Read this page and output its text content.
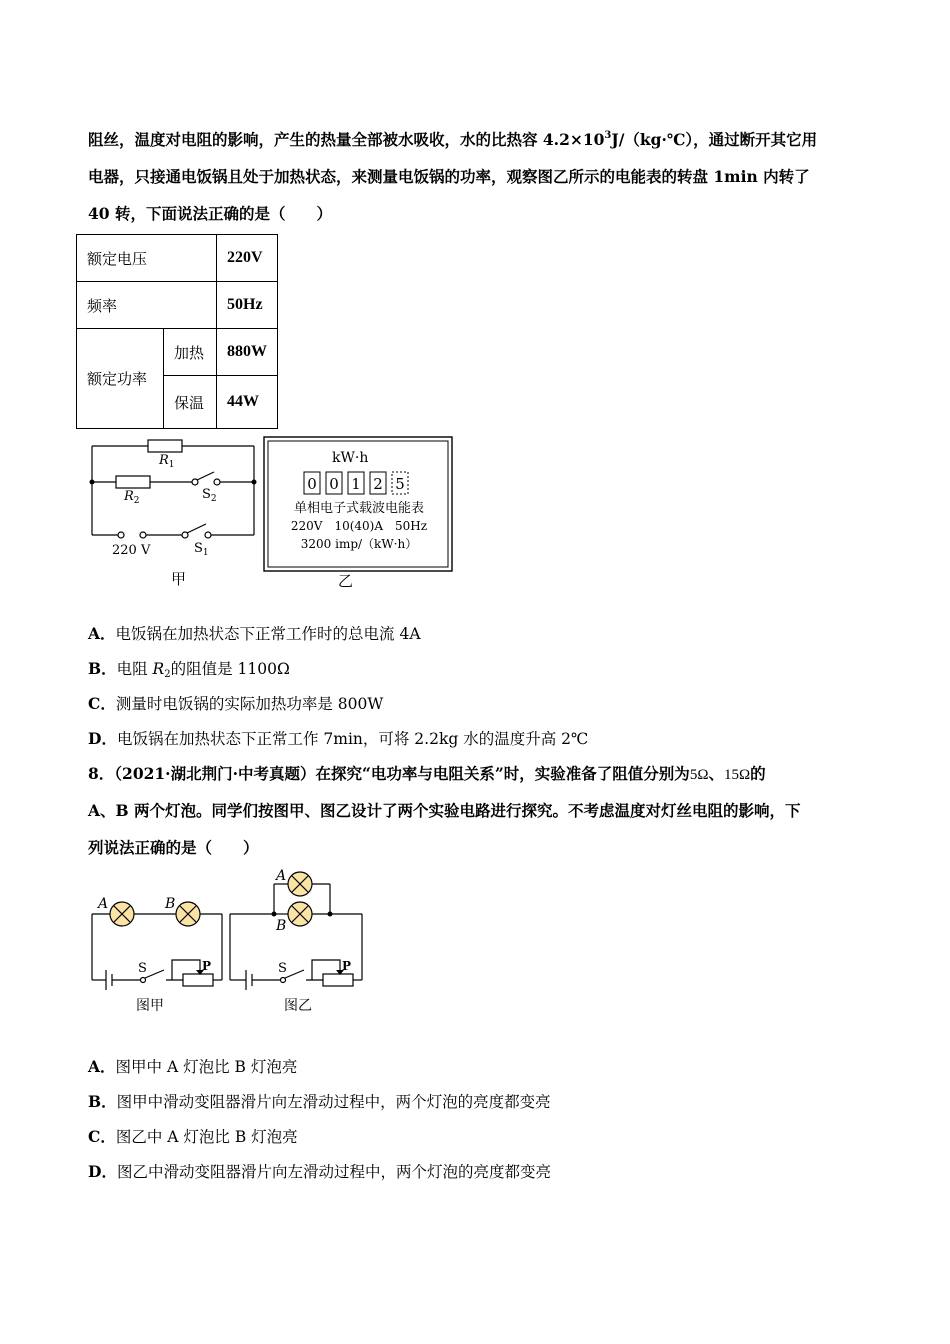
阻丝，温度对电阻的影响，产生的热量全部被水吸收，水的比热容 $4.2\times 10^3J/(kg\cdot℃)$，通过断开其它用
电器，只接通电饭锅且处于加热状态，来测量电饭锅的功率，观察图乙所示的电能表的转盘 1min 内转了
40 转，下面说法正确的是（　　）
额定电压		220V
频率		50Hz
额定功率	加热	880W
	保温	44W
$R_1$
$R_2$	$S_2$
220 V	$S_1$
甲
kW·h
0 0 1 2 5
单相电子式载波电能表
220V　10(40)A　50Hz
3200 imp/（kW·h）
乙
A．电饭锅在加热状态下正常工作时的总电流 4A
B．电阻 R2的阻值是 1100Ω
C．测量时电饭锅的实际加热功率是 800W
D．电饭锅在加热状态下正常工作 7min，可将 2.2kg 水的温度升高 2℃
8．（2021·湖北荆门·中考真题）在探究“电功率与电阻关系”时，实验准备了阻值分别为5Ω、15Ω的
A、B 两个灯泡。同学们按图甲、图乙设计了两个实验电路进行探究。不考虑温度对灯丝电阻的影响，下
列说法正确的是（　　）
A	B
S	P
图甲
A
B
S	P
图乙
A．图甲中 A 灯泡比 B 灯泡亮
B．图甲中滑动变阻器滑片向左滑动过程中，两个灯泡的亮度都变亮
C．图乙中 A 灯泡比 B 灯泡亮
D．图乙中滑动变阻器滑片向左滑动过程中，两个灯泡的亮度都变亮
